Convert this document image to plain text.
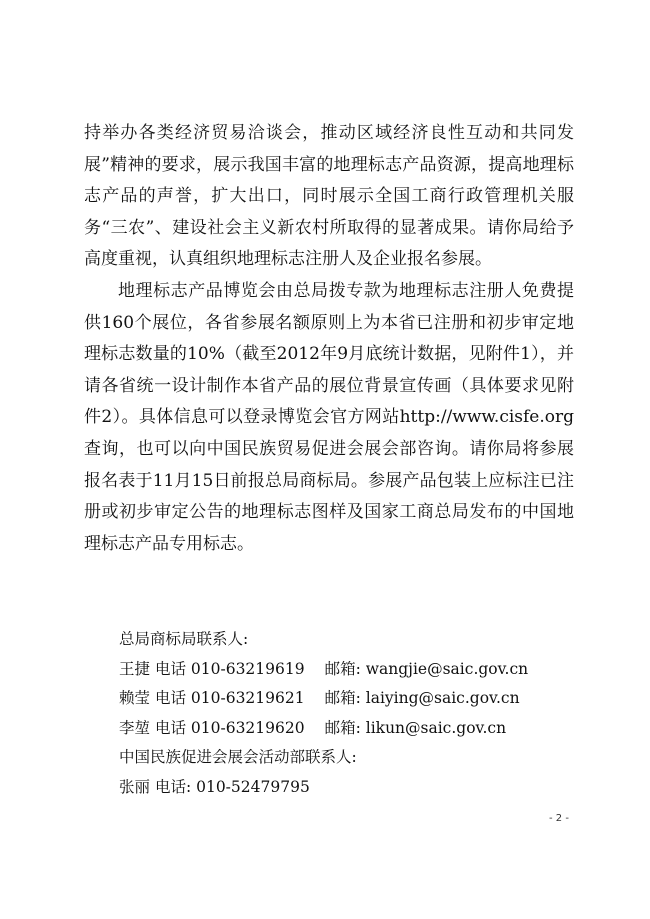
持举办各类经济贸易洽谈会，推动区域经济良性互动和共同发展”精神的要求，展示我国丰富的地理标志产品资源，提高地理标志产品的声誉，扩大出口，同时展示全国工商行政管理机关服务“三农”、建设社会主义新农村所取得的显著成果。请你局给予高度重视，认真组织地理标志注册人及企业报名参展。

地理标志产品博览会由总局拨专款为地理标志注册人免费提供160个展位，各省参展名额原则上为本省已注册和初步审定地理标志数量的10%（截至2012年9月底统计数据，见附件1），并请各省统一设计制作本省产品的展位背景宣传画（具体要求见附件2）。具体信息可以登录博览会官方网站http://www.cisfe.org查询，也可以向中国民族贸易促进会展会部咨询。请你局将参展报名表于11月15日前报总局商标局。参展产品包装上应标注已注册或初步审定公告的地理标志图样及国家工商总局发布的中国地理标志产品专用标志。

总局商标局联系人:
王捷 电话 010-63219619 邮箱: wangjie@saic.gov.cn
赖莹 电话 010-63219621 邮箱: laiying@saic.gov.cn
李堃 电话 010-63219620 邮箱: likun@saic.gov.cn
中国民族促进会展会活动部联系人:
张丽 电话: 010-52479795
- 2 -
